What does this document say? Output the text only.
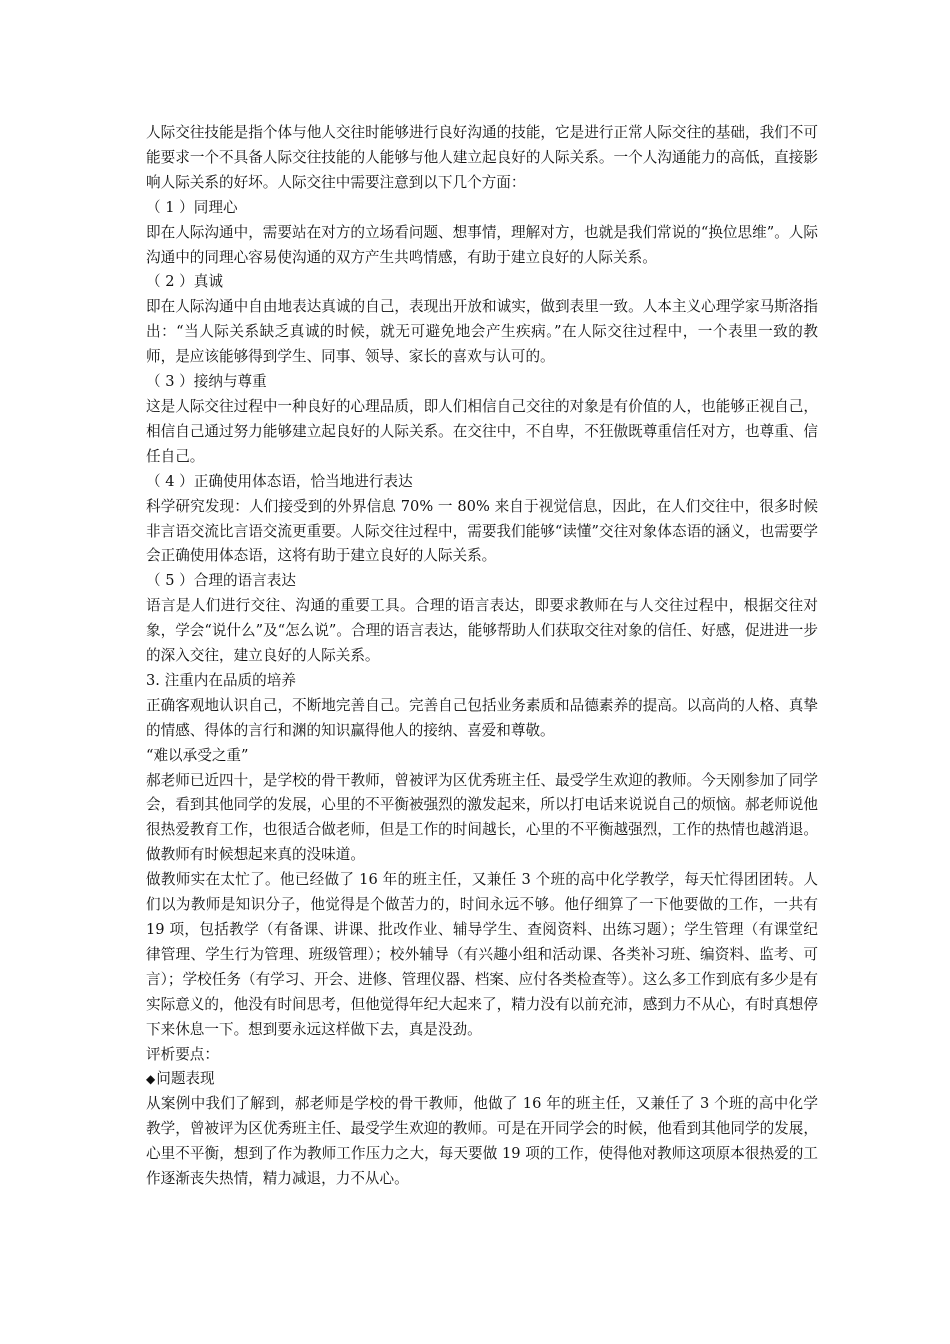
人际交往技能是指个体与他人交往时能够进行良好沟通的技能，它是进行正常人际交往的基础，我们不可能要求一个不具备人际交往技能的人能够与他人建立起良好的人际关系。一个人沟通能力的高低，直接影响人际关系的好坏。人际交往中需要注意到以下几个方面：

（ 1 ）同理心

即在人际沟通中，需要站在对方的立场看问题、想事情，理解对方，也就是我们常说的“换位思维”。人际沟通中的同理心容易使沟通的双方产生共鸣情感，有助于建立良好的人际关系。

（ 2 ）真诚

即在人际沟通中自由地表达真诚的自己，表现出开放和诚实，做到表里一致。人本主义心理学家马斯洛指出：“当人际关系缺乏真诚的时候，就无可避免地会产生疾病。”在人际交往过程中，一个表里一致的教师，是应该能够得到学生、同事、领导、家长的喜欢与认可的。

（ 3 ）接纳与尊重

这是人际交往过程中一种良好的心理品质，即人们相信自己交往的对象是有价值的人，也能够正视自己，相信自己通过努力能够建立起良好的人际关系。在交往中，不自卑，不狂傲既尊重信任对方，也尊重、信任自己。

（ 4 ）正确使用体态语，恰当地进行表达

科学研究发现：人们接受到的外界信息 70% 一 80% 来自于视觉信息，因此，在人们交往中，很多时候非言语交流比言语交流更重要。人际交往过程中，需要我们能够“读懂”交往对象体态语的涵义，也需要学会正确使用体态语，这将有助于建立良好的人际关系。

（ 5 ）合理的语言表达

语言是人们进行交往、沟通的重要工具。合理的语言表达，即要求教师在与人交往过程中，根据交往对象，学会“说什么”及“怎么说”。合理的语言表达，能够帮助人们获取交往对象的信任、好感，促进进一步的深入交往，建立良好的人际关系。

3. 注重内在品质的培养

正确客观地认识自己，不断地完善自己。完善自己包括业务素质和品德素养的提高。以高尚的人格、真挚的情感、得体的言行和渊的知识赢得他人的接纳、喜爱和尊敬。

“难以承受之重”

郝老师已近四十，是学校的骨干教师，曾被评为区优秀班主任、最受学生欢迎的教师。今天刚参加了同学会，看到其他同学的发展，心里的不平衡被强烈的激发起来，所以打电话来说说自己的烦恼。郝老师说他很热爱教育工作，也很适合做老师，但是工作的时间越长，心里的不平衡越强烈，工作的热情也越消退。做教师有时候想起来真的没味道。

做教师实在太忙了。他已经做了 16 年的班主任，又兼任 3 个班的高中化学教学，每天忙得团团转。人们以为教师是知识分子，他觉得是个做苦力的，时间永远不够。他仔细算了一下他要做的工作，一共有 19 项，包括教学（有备课、讲课、批改作业、辅导学生、查阅资料、出练习题）；学生管理（有课堂纪律管理、学生行为管理、班级管理）；校外辅导（有兴趣小组和活动课、各类补习班、编资料、监考、可言）；学校任务（有学习、开会、进修、管理仪器、档案、应付各类检查等）。这么多工作到底有多少是有实际意义的，他没有时间思考，但他觉得年纪大起来了，精力没有以前充沛，感到力不从心，有时真想停下来休息一下。想到要永远这样做下去，真是没劲。

评析要点：
◆问题表现

从案例中我们了解到，郝老师是学校的骨干教师，他做了 16 年的班主任，又兼任了 3 个班的高中化学教学，曾被评为区优秀班主任、最受学生欢迎的教师。可是在开同学会的时候，他看到其他同学的发展，心里不平衡，想到了作为教师工作压力之大，每天要做 19 项的工作，使得他对教师这项原本很热爱的工作逐渐丧失热情，精力减退，力不从心。
